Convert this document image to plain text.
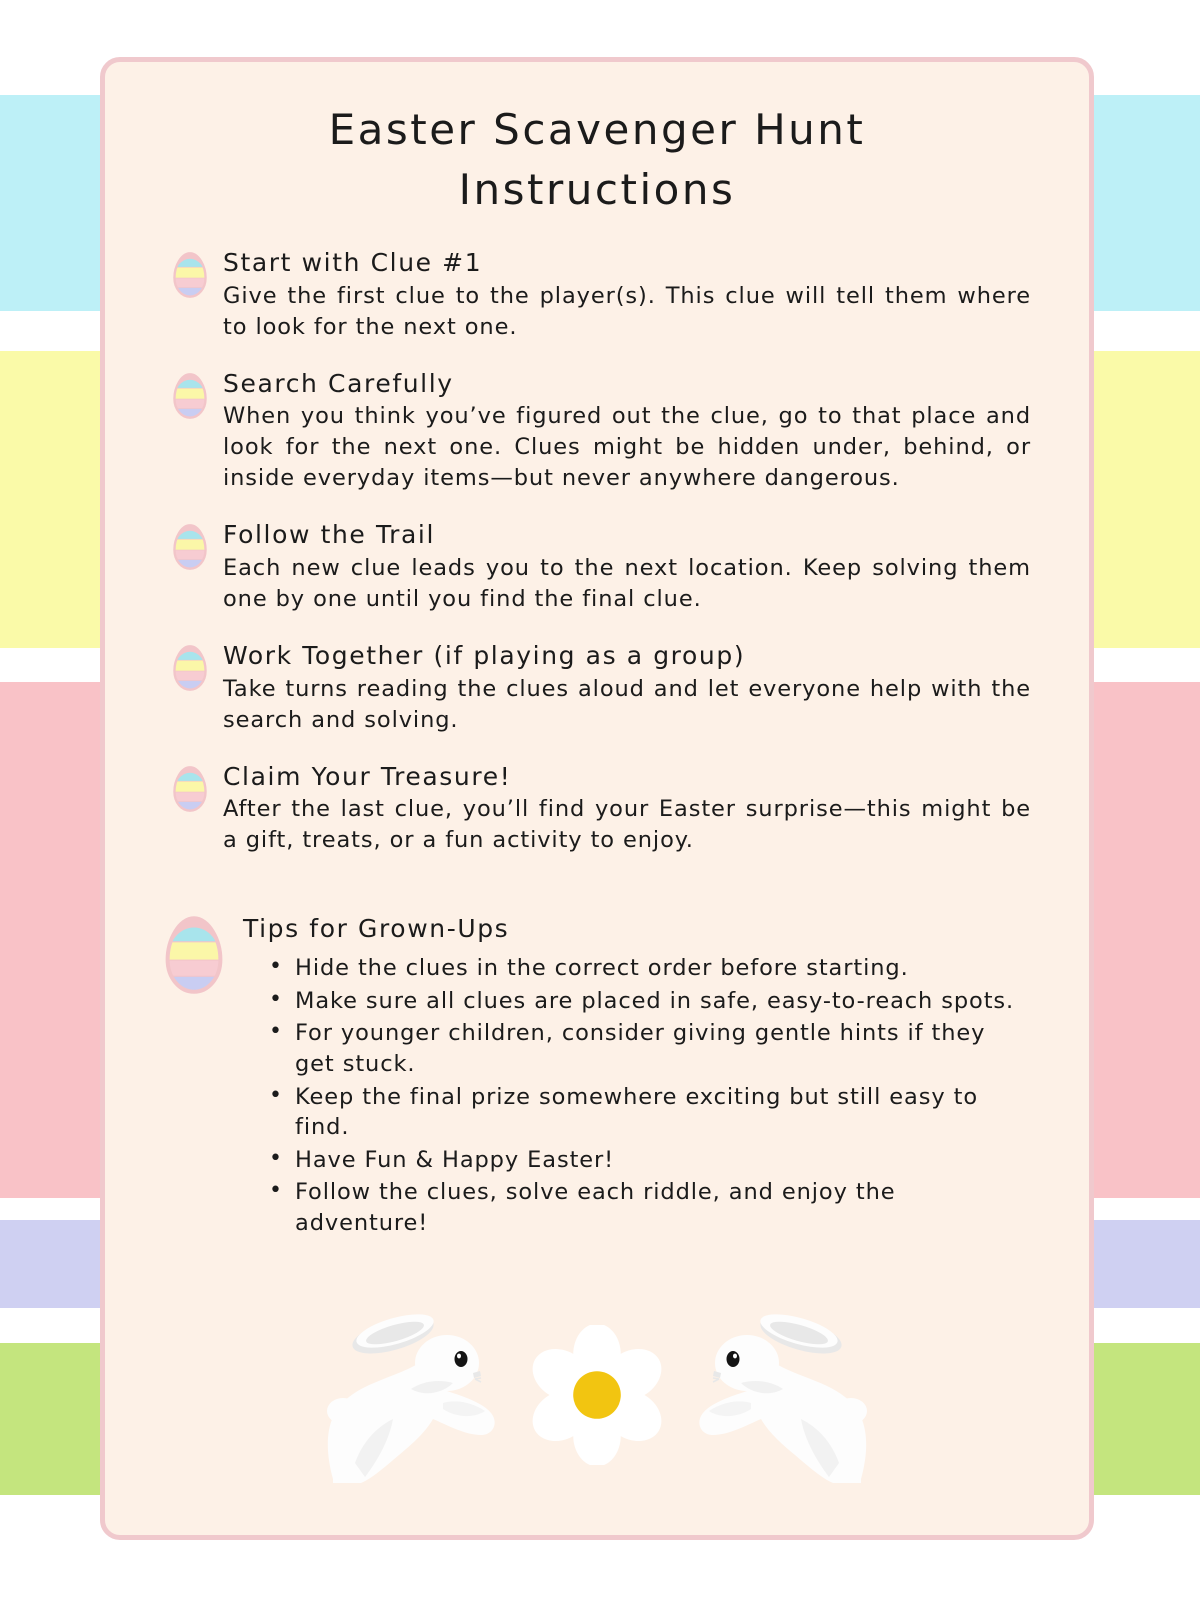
Easter Scavenger Hunt
Instructions
Start with Clue #1
Give the first clue to the player(s). This clue will tell them where to look for the next one.
Search Carefully
When you think you’ve figured out the clue, go to that place and look for the next one. Clues might be hidden under, behind, or inside everyday items—but never anywhere dangerous.
Follow the Trail
Each new clue leads you to the next location. Keep solving them one by one until you find the final clue.
Work Together (if playing as a group)
Take turns reading the clues aloud and let everyone help with the search and solving.
Claim Your Treasure!
After the last clue, you’ll find your Easter surprise—this might be a gift, treats, or a fun activity to enjoy.
Tips for Grown-Ups
• Hide the clues in the correct order before starting.
• Make sure all clues are placed in safe, easy-to-reach spots.
• For younger children, consider giving gentle hints if they get stuck.
• Keep the final prize somewhere exciting but still easy to find.
• Have Fun & Happy Easter!
• Follow the clues, solve each riddle, and enjoy the adventure!
